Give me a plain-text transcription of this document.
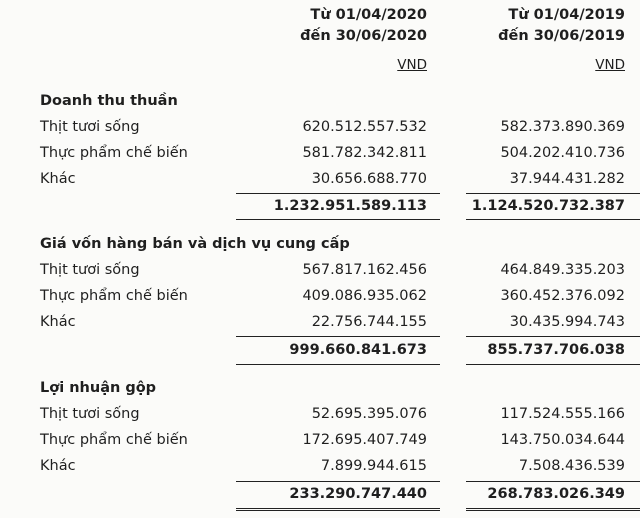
Từ 01/04/2020
đến 30/06/2020
Từ 01/04/2019
đến 30/06/2019
VND	VND
Doanh thu thuần
Thịt tươi sống	620.512.557.532	582.373.890.369
Thực phẩm chế biến	581.782.342.811	504.202.410.736
Khác	30.656.688.770	37.944.431.282
1.232.951.589.113	1.124.520.732.387
Giá vốn hàng bán và dịch vụ cung cấp
Thịt tươi sống	567.817.162.456	464.849.335.203
Thực phẩm chế biến	409.086.935.062	360.452.376.092
Khác	22.756.744.155	30.435.994.743
999.660.841.673	855.737.706.038
Lợi nhuận gộp
Thịt tươi sống	52.695.395.076	117.524.555.166
Thực phẩm chế biến	172.695.407.749	143.750.034.644
Khác	7.899.944.615	7.508.436.539
233.290.747.440	268.783.026.349
